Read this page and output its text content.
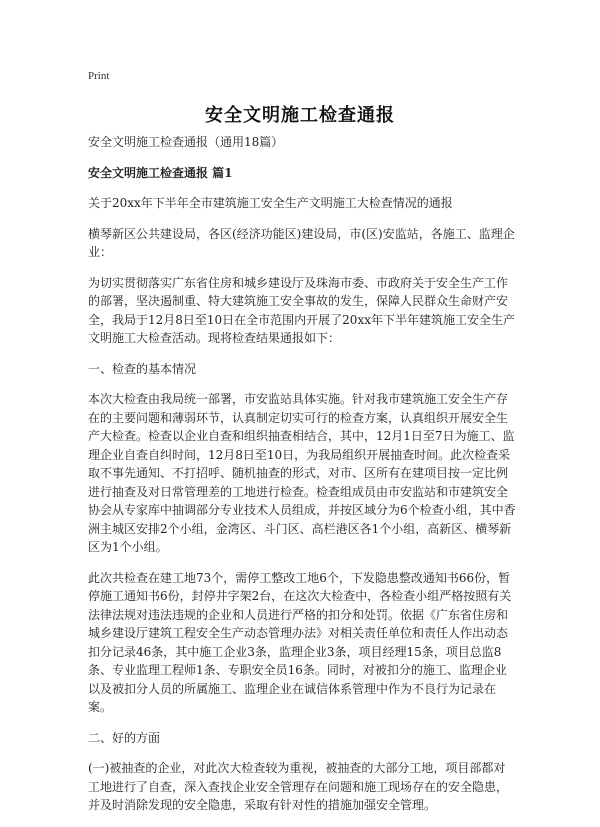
Print
安全文明施工检查通报

安全文明施工检查通报（通用18篇）

安全文明施工检查通报 篇1

关于20xx年下半年全市建筑施工安全生产文明施工大检查情况的通报

横琴新区公共建设局，各区(经济功能区)建设局，市(区)安监站，各施工、监理企业：

为切实贯彻落实广东省住房和城乡建设厅及珠海市委、市政府关于安全生产工作的部署，坚决遏制重、特大建筑施工安全事故的发生，保障人民群众生命财产安全，我局于12月8日至10日在全市范围内开展了20xx年下半年建筑施工安全生产文明施工大检查活动。现将检查结果通报如下：

一、检查的基本情况

本次大检查由我局统一部署，市安监站具体实施。针对我市建筑施工安全生产存在的主要问题和薄弱环节，认真制定切实可行的检查方案，认真组织开展安全生产大检查。检查以企业自查和组织抽查相结合，其中，12月1日至7日为施工、监理企业自查自纠时间，12月8日至10日，为我局组织开展抽查时间。此次检查采取不事先通知、不打招呼、随机抽查的形式，对市、区所有在建项目按一定比例进行抽查及对日常管理差的工地进行检查。检查组成员由市安监站和市建筑安全协会从专家库中抽调部分专业技术人员组成，并按区域分为6个检查小组，其中香洲主城区安排2个小组，金湾区、斗门区、高栏港区各1个小组，高新区、横琴新区为1个小组。

此次共检查在建工地73个，需停工整改工地6个，下发隐患整改通知书66份，暂停施工通知书6份，封停井字架2台，在这次大检查中，各检查小组严格按照有关法律法规对违法违规的企业和人员进行严格的扣分和处罚。依据《广东省住房和城乡建设厅建筑工程安全生产动态管理办法》对相关责任单位和责任人作出动态扣分记录46条，其中施工企业3条，监理企业3条，项目经理15条，项目总监8条、专业监理工程师1条、专职安全员16条。同时，对被扣分的施工、监理企业以及被扣分人员的所属施工、监理企业在诚信体系管理中作为不良行为记录在案。

二、好的方面

(一)被抽查的企业，对此次大检查较为重视，被抽查的大部分工地，项目部都对工地进行了自查，深入查找企业安全管理存在问题和施工现场存在的安全隐患，并及时消除发现的安全隐患，采取有针对性的措施加强安全管理。
